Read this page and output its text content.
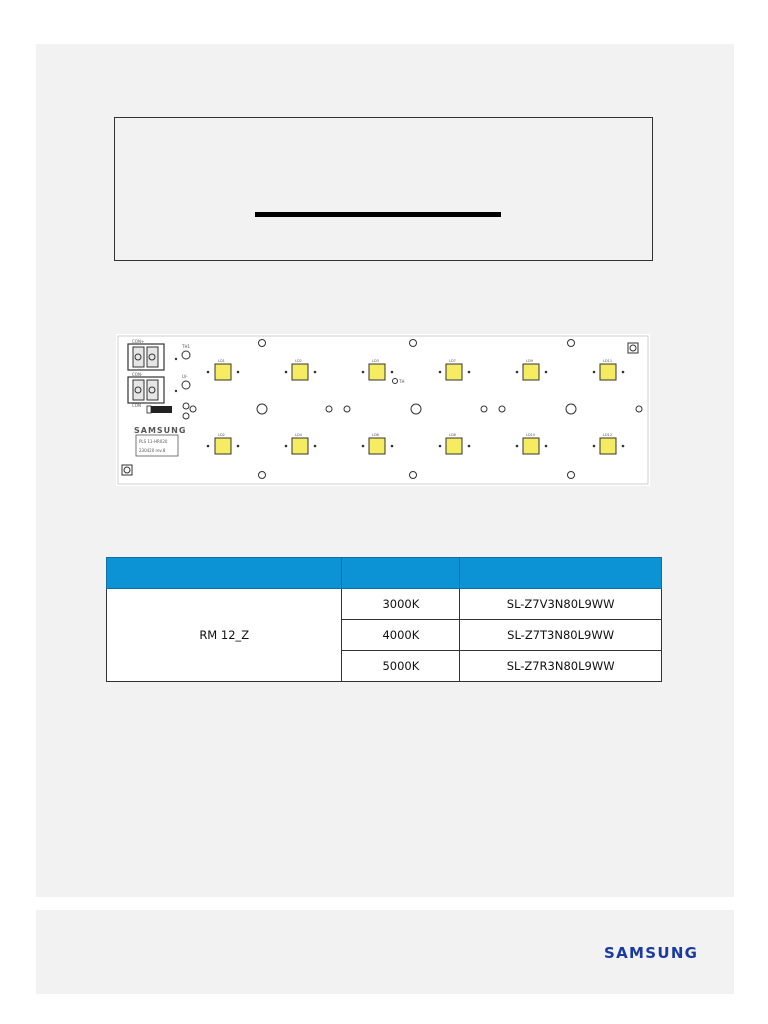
CON+
CON-
CON
TH1
LV-
SAMSUNG
PLS 11-HR020
230420 rev.8
TH
LD1	LD2	LD3	LD7	LD9	LD11
LD2	LD4	LD6	LD8	LD10	LD12

RM 12_Z	3000K	SL-Z7V3N80L9WW
	4000K	SL-Z7T3N80L9WW
	5000K	SL-Z7R3N80L9WW
SAMSUNG
